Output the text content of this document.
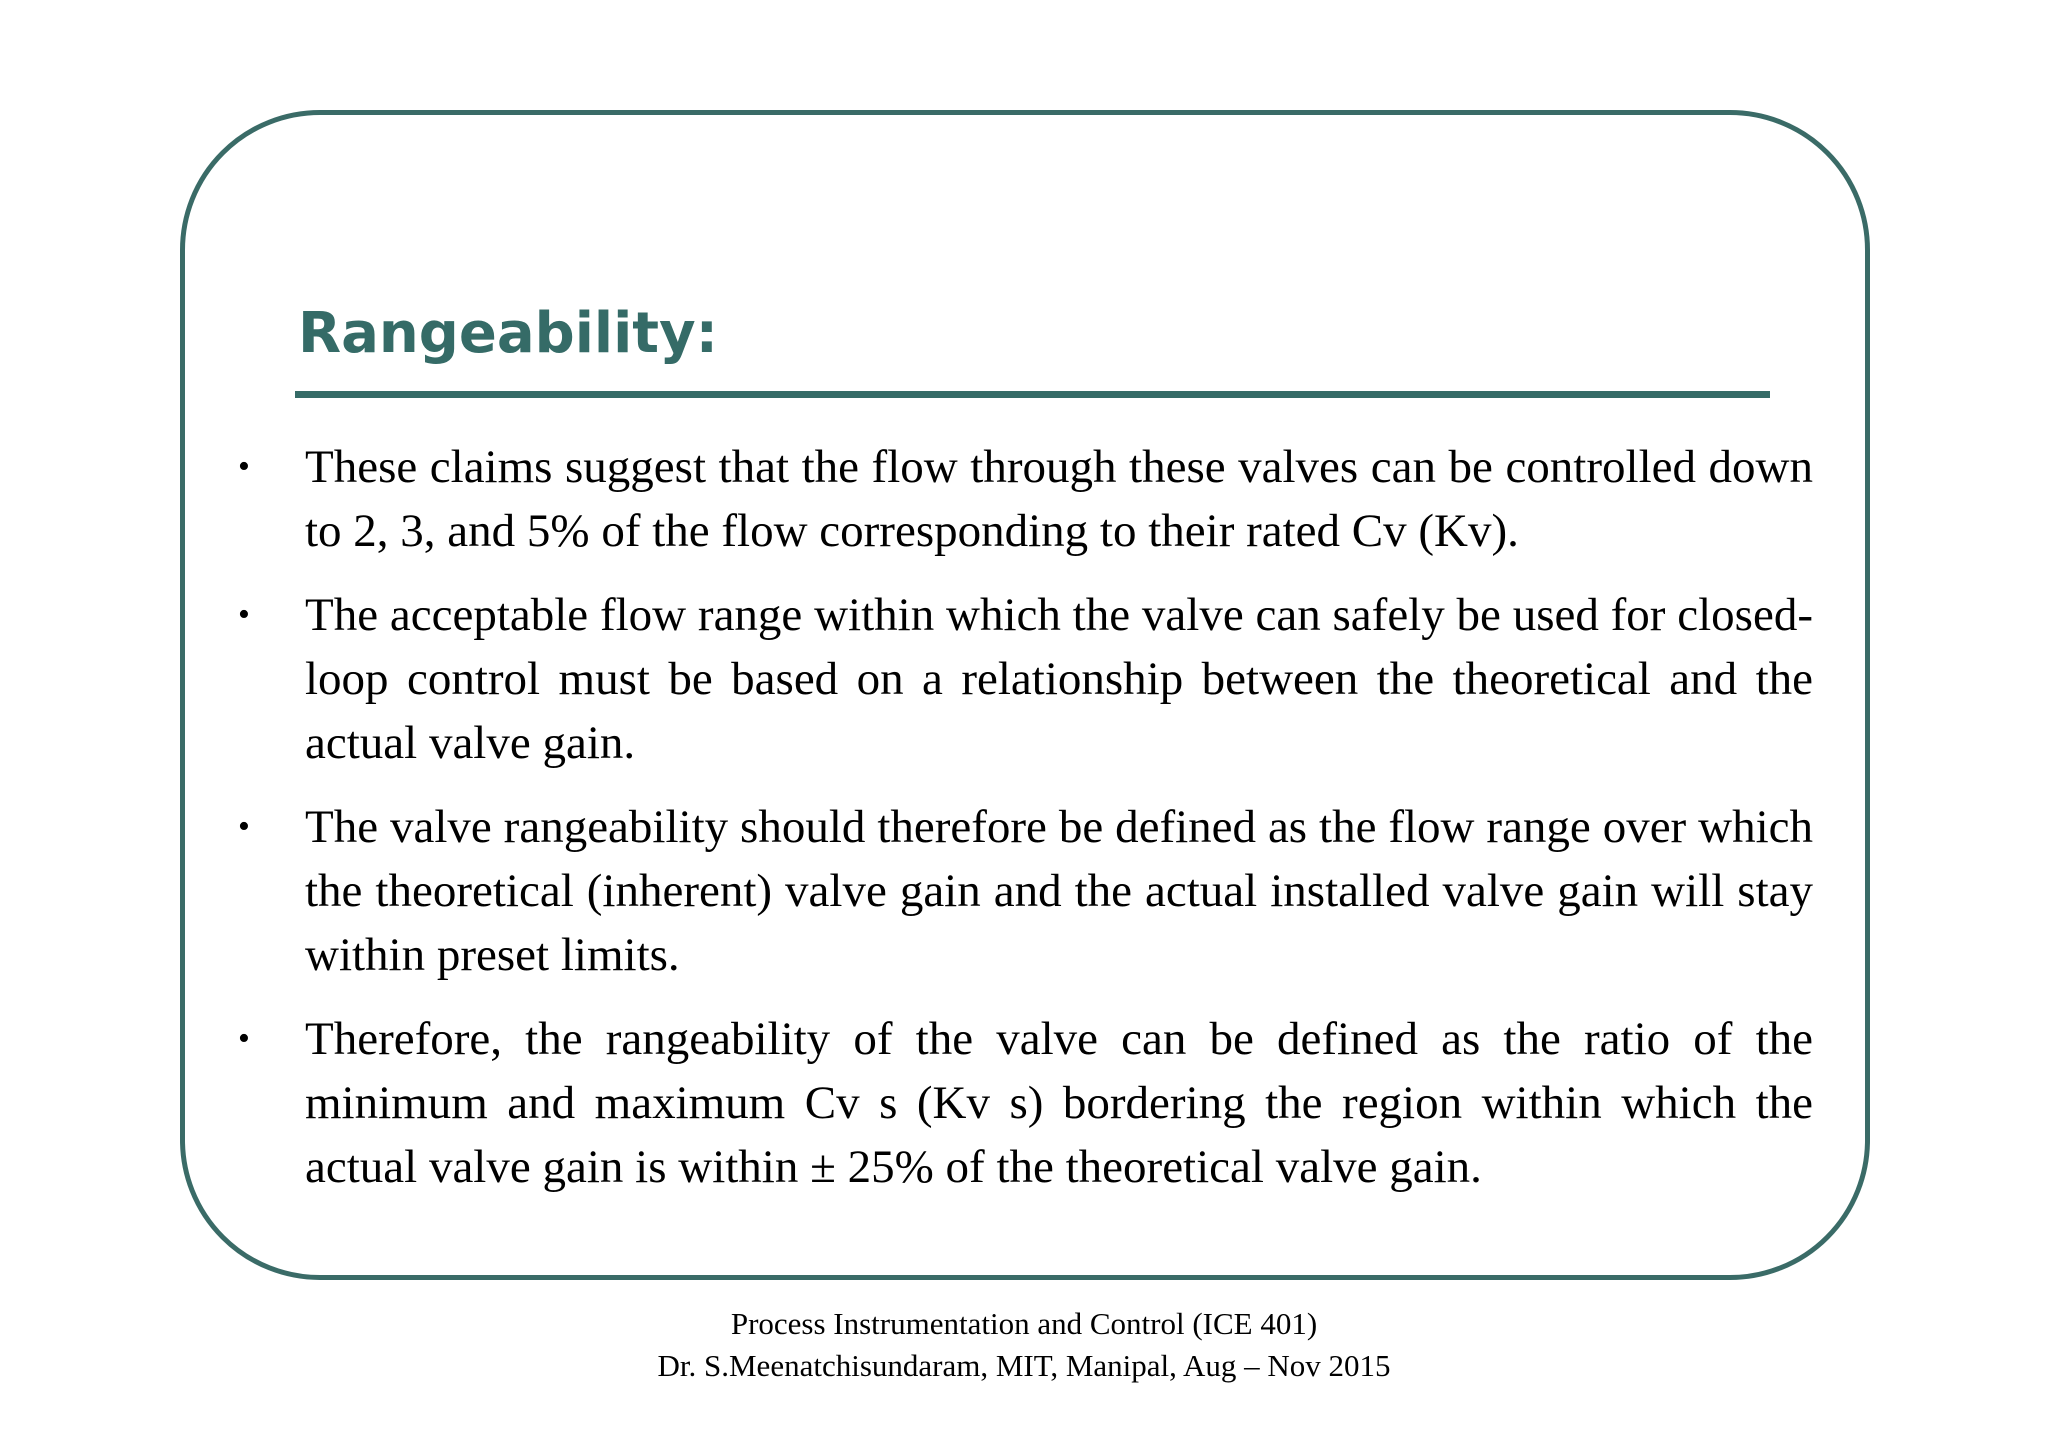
Rangeability:
• These claims suggest that the flow through these valves can be controlled down to 2, 3, and 5% of the flow corresponding to their rated Cv (Kv).
• The acceptable flow range within which the valve can safely be used for closed-loop control must be based on a relationship between the theoretical and the actual valve gain.
• The valve rangeability should therefore be defined as the flow range over which the theoretical (inherent) valve gain and the actual installed valve gain will stay within preset limits.
• Therefore, the rangeability of the valve can be defined as the ratio of the minimum and maximum Cv s (Kv s) bordering the region within which the actual valve gain is within ± 25% of the theoretical valve gain.
Process Instrumentation and Control (ICE 401)
Dr. S.Meenatchisundaram, MIT, Manipal, Aug – Nov 2015
